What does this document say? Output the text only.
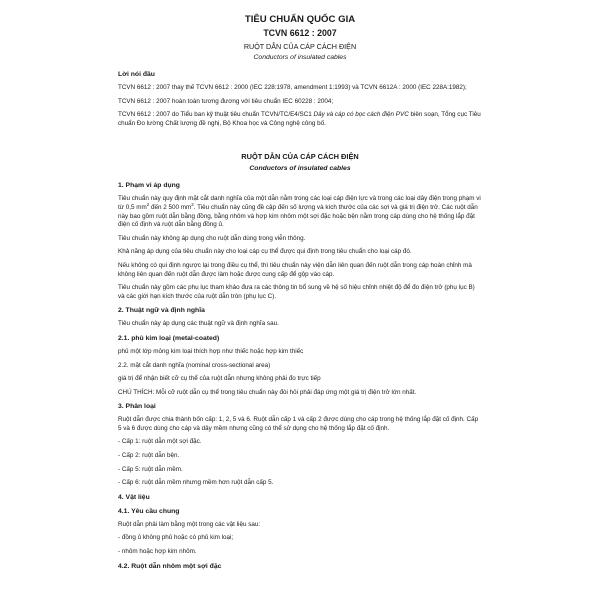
TIÊU CHUẨN QUỐC GIA

TCVN 6612 : 2007

RUỘT DẪN CỦA CÁP CÁCH ĐIỆN

Conductors of insulated cables

Lời nói đầu

TCVN 6612 : 2007 thay thế TCVN 6612 : 2000 (IEC 228:1978, amendment 1:1993) và TCVN 6612A : 2000 (IEC 228A:1982);

TCVN 6612 : 2007 hoàn toàn tương đương với tiêu chuẩn IEC 60228 : 2004;

TCVN 6612 : 2007 do Tiểu ban kỹ thuật tiêu chuẩn TCVN/TC/E4/SC1 Dây và cáp có bọc cách điện PVC biên soạn, Tổng cục Tiêu chuẩn Đo lường Chất lượng đề nghị, Bộ Khoa học và Công nghệ công bố.

RUỘT DẪN CỦA CÁP CÁCH ĐIỆN

Conductors of insulated cables

1. Phạm vi áp dụng

Tiêu chuẩn này quy định mặt cắt danh nghĩa của một dẫn nằm trong các loại cáp điện lực và trong các loại dây điện trong phạm vi từ 0,5 $mm^2$ đến 2 500 $mm^2$. Tiêu chuẩn này cũng đề cập đến số lượng và kích thước của các sợi và giá trị điện trở. Các ruột dẫn này bao gồm ruột dẫn bằng đồng, bằng nhôm và hợp kim nhôm một sợi đặc hoặc bện nằm trong cáp dùng cho hệ thống lắp đặt điện cố định và ruột dẫn bằng đồng ủ.

Tiêu chuẩn này không áp dụng cho ruột dẫn dùng trong viễn thông.

Khả năng áp dụng của tiêu chuẩn này cho loại cáp cụ thể được qui định trong tiêu chuẩn cho loại cáp đó.

Nếu không có qui định ngược lại trong điều cụ thể, thì tiêu chuẩn này viện dẫn liên quan đến ruột dẫn trong cáp hoàn chỉnh mà không liên quan đến ruột dẫn được làm hoặc được cung cấp để gộp vào cáp.

Tiêu chuẩn này gồm các phụ lục tham khảo đưa ra các thông tin bổ sung về hệ số hiệu chỉnh nhiệt độ để đo điện trở (phụ lục B) và các giới hạn kích thước của ruột dẫn tròn (phụ lục C).

2. Thuật ngữ và định nghĩa

Tiêu chuẩn này áp dụng các thuật ngữ và định nghĩa sau.

2.1. phủ kim loại (metal-coated)

phủ một lớp mỏng kim loại thích hợp như thiếc hoặc hợp kim thiếc

2.2. mặt cắt danh nghĩa (nominal cross-sectional area)

giá trị để nhận biết cỡ cụ thể của ruột dẫn nhưng không phải đo trực tiếp

CHÚ THÍCH: Mỗi cỡ ruột dẫn cụ thể trong tiêu chuẩn này đòi hỏi phải đáp ứng một giá trị điện trở lớn nhất.

3. Phân loại

Ruột dẫn được chia thành bốn cấp: 1, 2, 5 và 6. Ruột dẫn cấp 1 và cấp 2 được dùng cho cáp trong hệ thống lắp đặt cố định. Cấp 5 và 6 được dùng cho cáp và dây mềm nhưng cũng có thể sử dụng cho hệ thống lắp đặt cố định.

- Cấp 1: ruột dẫn một sợi đặc.

- Cấp 2: ruột dẫn bện.

- Cấp 5: ruột dẫn mềm.

- Cấp 6: ruột dẫn mềm nhưng mềm hơn ruột dẫn cấp 5.

4. Vật liệu

4.1. Yêu cầu chung

Ruột dẫn phải làm bằng một trong các vật liệu sau:

- đồng ủ không phủ hoặc có phủ kim loại;

- nhôm hoặc hợp kim nhôm.

4.2. Ruột dẫn nhôm một sợi đặc
